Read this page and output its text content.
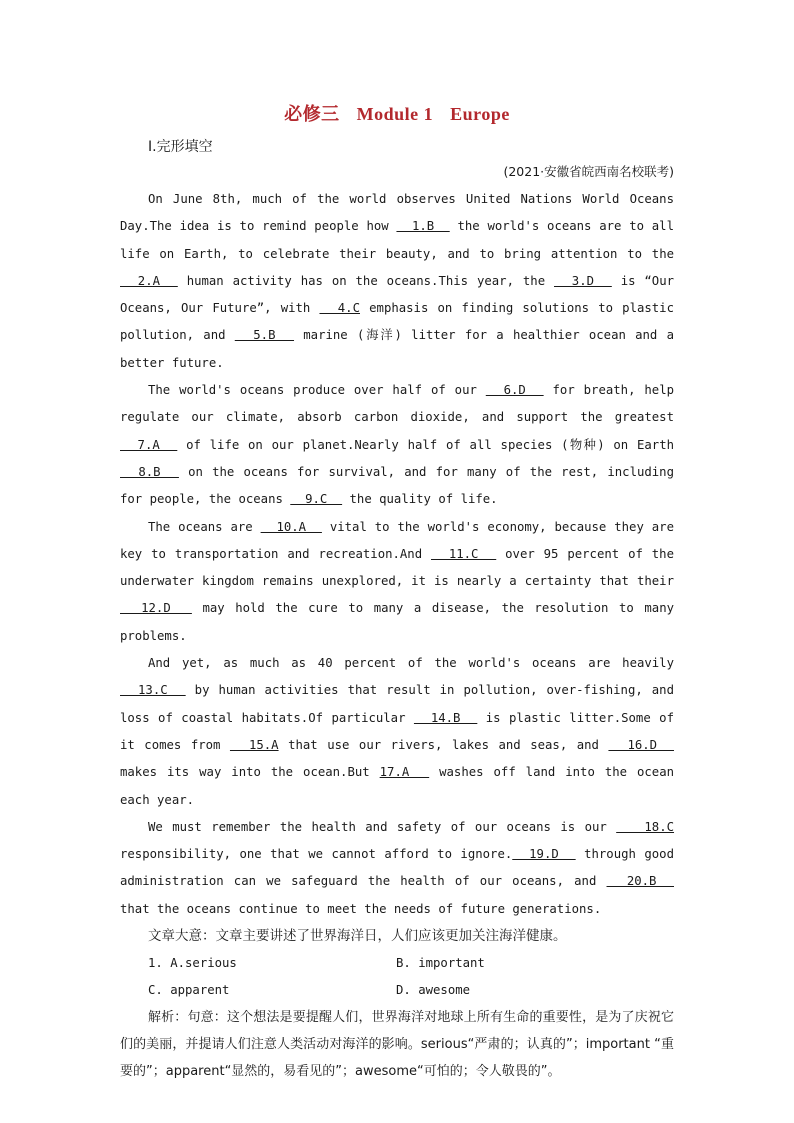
必修三 Module 1 Europe
Ⅰ.完形填空
(2021·安徽省皖西南名校联考)

On June 8th, much of the world observes United Nations World Oceans Day.The idea is to remind people how   1.B   the world's oceans are to all life on Earth, to celebrate their beauty, and to bring attention to the   2.A   human activity has on the oceans.This year, the   3.D   is “Our Oceans, Our Future”, with   4.C emphasis on finding solutions to plastic pollution, and   5.B   marine (海洋) litter for a healthier ocean and a better future.

The world's oceans produce over half of our   6.D   for breath, help regulate our climate, absorb carbon dioxide, and support the greatest   7.A   of life on our planet.Nearly half of all species (物种) on Earth   8.B   on the oceans for survival, and for many of the rest, including for people, the oceans   9.C   the quality of life.

The oceans are   10.A   vital to the world's economy, because they are key to transportation and recreation.And   11.C   over 95 percent of the underwater kingdom remains unexplored, it is nearly a certainty that their   12.D   may hold the cure to many a disease, the resolution to many problems.

And yet, as much as 40 percent of the world's oceans are heavily   13.C   by human activities that result in pollution, over-fishing, and loss of coastal habitats.Of particular   14.B   is plastic litter.Some of it comes from   15.A that use our rivers, lakes and seas, and   16.D   makes its way into the ocean.But 17.A   washes off land into the ocean each year.

We must remember the health and safety of our oceans is our    18.C responsibility, one that we cannot afford to ignore.  19.D   through good administration can we safeguard the health of our oceans, and   20.B   that the oceans continue to meet the needs of future generations.

文章大意：文章主要讲述了世界海洋日，人们应该更加关注海洋健康。

1. A.serious	B. important
C. apparent	D. awesome

解析：句意：这个想法是要提醒人们，世界海洋对地球上所有生命的重要性，是为了庆祝它们的美丽，并提请人们注意人类活动对海洋的影响。serious“严肃的；认真的”；important “重要的”；apparent“显然的，易看见的”；awesome“可怕的；令人敬畏的”。
